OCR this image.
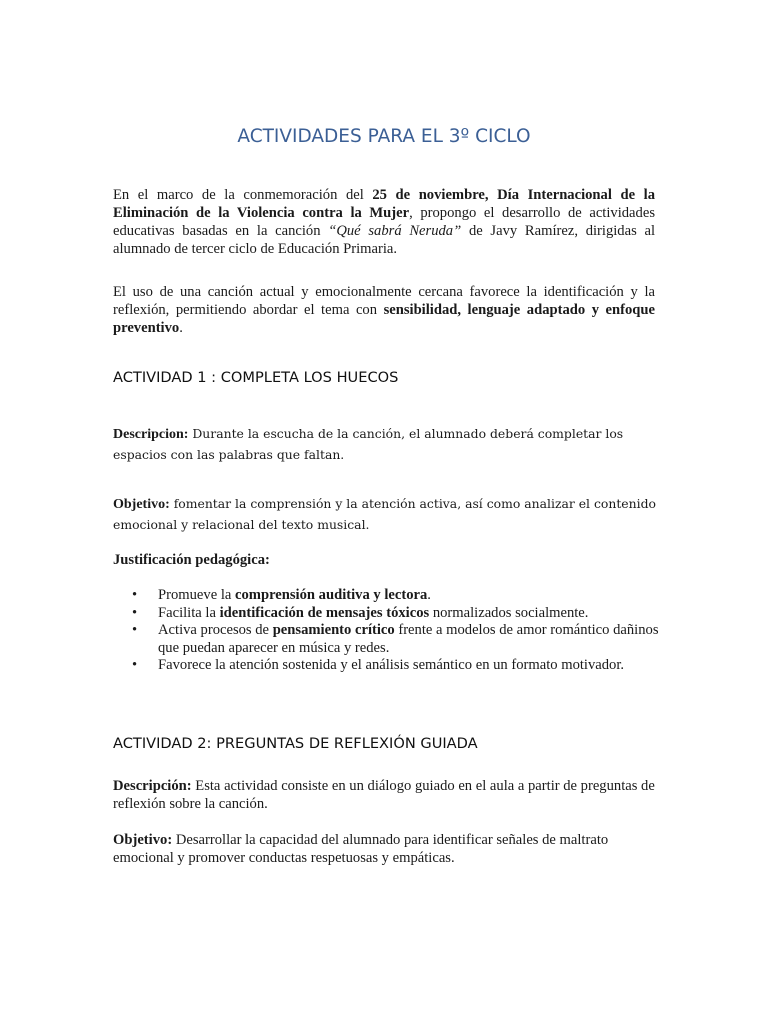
ACTIVIDADES PARA EL 3º CICLO

En el marco de la conmemoración del 25 de noviembre, Día Internacional de la Eliminación de la Violencia contra la Mujer, propongo el desarrollo de actividades educativas basadas en la canción “Qué sabrá Neruda” de Javy Ramírez, dirigidas al alumnado de tercer ciclo de Educación Primaria.

El uso de una canción actual y emocionalmente cercana favorece la identificación y la reflexión, permitiendo abordar el tema con sensibilidad, lenguaje adaptado y enfoque preventivo.

ACTIVIDAD 1 : COMPLETA LOS HUECOS

Descripcion: Durante la escucha de la canción, el alumnado deberá completar los espacios con las palabras que faltan.

Objetivo: fomentar la comprensión y la atención activa, así como analizar el contenido emocional y relacional del texto musical.

Justificación pedagógica:
• Promueve la comprensión auditiva y lectora.
• Facilita la identificación de mensajes tóxicos normalizados socialmente.
• Activa procesos de pensamiento crítico frente a modelos de amor romántico dañinos que puedan aparecer en música y redes.
• Favorece la atención sostenida y el análisis semántico en un formato motivador.
ACTIVIDAD 2: PREGUNTAS DE REFLEXIÓN GUIADA

Descripción: Esta actividad consiste en un diálogo guiado en el aula a partir de preguntas de reflexión sobre la canción.

Objetivo: Desarrollar la capacidad del alumnado para identificar señales de maltrato emocional y promover conductas respetuosas y empáticas.
